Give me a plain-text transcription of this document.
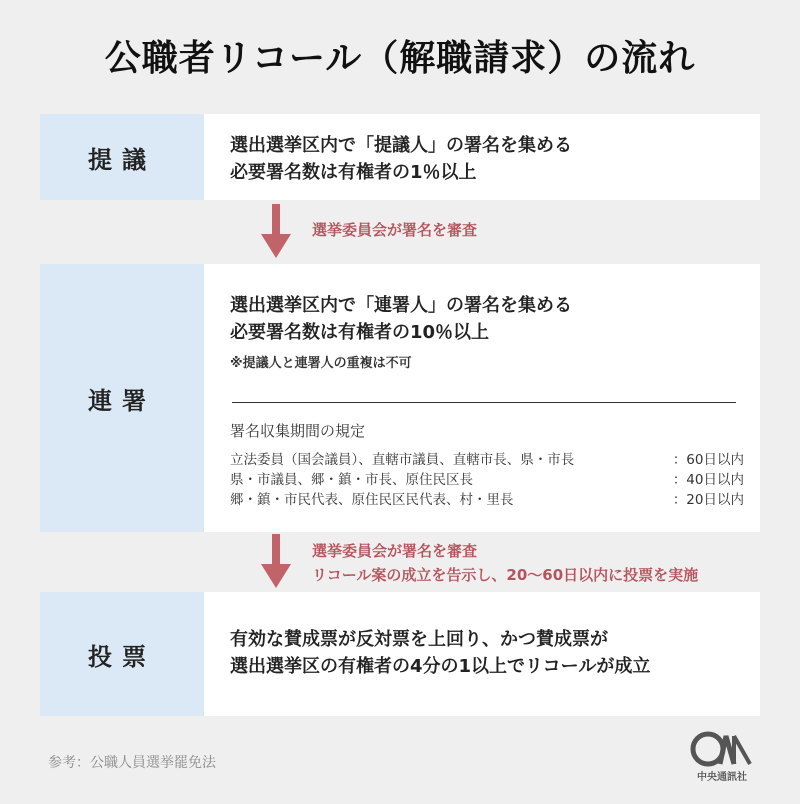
公職者リコール（解職請求）の流れ
提議	選出選挙区内で「提議人」の署名を集める
必要署名数は有権者の1％以上
選挙委員会が署名を審査
連署
選出選挙区内で「連署人」の署名を集める
必要署名数は有権者の10％以上
※提議人と連署人の重複は不可
署名収集期間の規定
立法委員（国会議員）、直轄市議員、直轄市長、県・市長	：60日以内
県・市議員、郷・鎮・市長、原住民区長	：40日以内
郷・鎮・市民代表、原住民区民代表、村・里長	：20日以内
選挙委員会が署名を審査
リコール案の成立を告示し、20〜60日以内に投票を実施
投票
有効な賛成票が反対票を上回り、かつ賛成票が
選出選挙区の有権者の4分の1以上でリコールが成立
参考：公職人員選挙罷免法
中央通訊社
